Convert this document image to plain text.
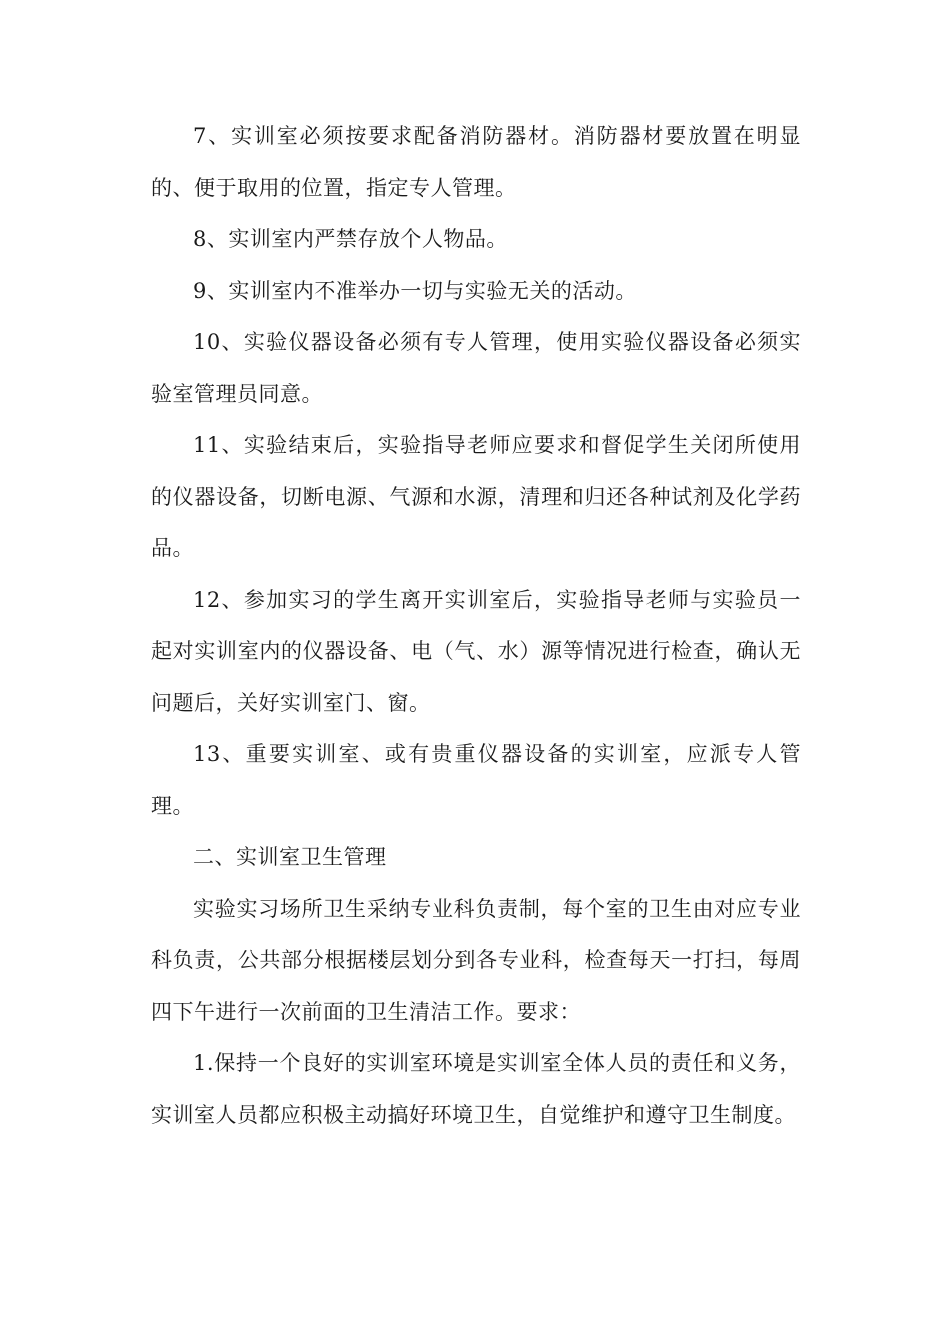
7、实训室必须按要求配备消防器材。消防器材要放置在明显的、便于取用的位置，指定专人管理。

8、实训室内严禁存放个人物品。

9、实训室内不准举办一切与实验无关的活动。

10、实验仪器设备必须有专人管理，使用实验仪器设备必须实验室管理员同意。

11、实验结束后，实验指导老师应要求和督促学生关闭所使用的仪器设备，切断电源、气源和水源，清理和归还各种试剂及化学药品。

12、参加实习的学生离开实训室后，实验指导老师与实验员一起对实训室内的仪器设备、电（气、水）源等情况进行检查，确认无问题后，关好实训室门、窗。

13、重要实训室、或有贵重仪器设备的实训室，应派专人管理。

二、实训室卫生管理

实验实习场所卫生采纳专业科负责制，每个室的卫生由对应专业科负责，公共部分根据楼层划分到各专业科，检查每天一打扫，每周四下午进行一次前面的卫生清洁工作。要求：

1.保持一个良好的实训室环境是实训室全体人员的责任和义务，实训室人员都应积极主动搞好环境卫生，自觉维护和遵守卫生制度。
